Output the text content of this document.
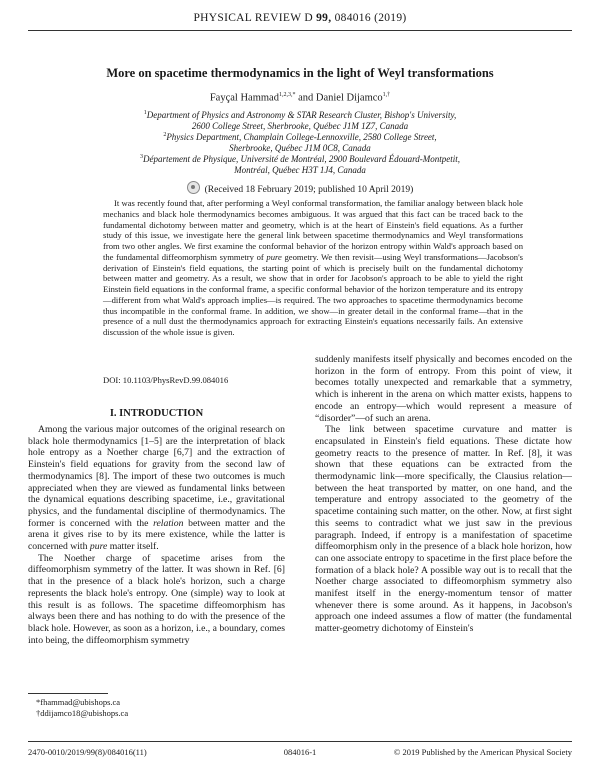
PHYSICAL REVIEW D 99, 084016 (2019)
More on spacetime thermodynamics in the light of Weyl transformations
Fayçal Hammad$^{1,2,3,*}$ and Daniel Dijamco$^{1,\dagger}$
$^1$Department of Physics and Astronomy & STAR Research Cluster, Bishop's University,
2600 College Street, Sherbrooke, Québec J1M 1Z7, Canada
$^2$Physics Department, Champlain College-Lennoxville, 2580 College Street,
Sherbrooke, Québec J1M 0C8, Canada
$^3$Département de Physique, Université de Montréal, 2900 Boulevard Édouard-Montpetit,
Montréal, Québec H3T 1J4, Canada
(Received 18 February 2019; published 10 April 2019)
It was recently found that, after performing a Weyl conformal transformation, the familiar analogy between black hole mechanics and black hole thermodynamics becomes ambiguous. It was argued that this fact can be traced back to the fundamental dichotomy between matter and geometry, which is at the heart of Einstein's field equations. As a further study of this issue, we investigate here the general link between spacetime thermodynamics and Weyl transformations from two other angles. We first examine the conformal behavior of the horizon entropy within Wald's approach based on the fundamental diffeomorphism symmetry of pure geometry. We then revisit—using Weyl transformations—Jacobson's derivation of Einstein's field equations, the starting point of which is precisely built on the fundamental dichotomy between matter and geometry. As a result, we show that in order for Jacobson's approach to be able to yield the right Einstein field equations in the conformal frame, a specific conformal behavior of the horizon temperature and its entropy—different from what Wald's approach implies—is required. The two approaches to spacetime thermodynamics become thus incompatible in the conformal frame. In addition, we show—in greater detail in the conformal frame—that in the presence of a null dust the thermodynamics approach for extracting Einstein's equations necessarily fails. An extensive discussion of the whole issue is given.
DOI: 10.1103/PhysRevD.99.084016
I. INTRODUCTION

Among the various major outcomes of the original research on black hole thermodynamics [1–5] are the interpretation of black hole entropy as a Noether charge [6,7] and the extraction of Einstein's field equations for gravity from the second law of thermodynamics [8]. The import of these two outcomes is much appreciated when they are viewed as fundamental links between the dynamical equations describing spacetime, i.e., gravitational physics, and the fundamental discipline of thermodynamics. The former is concerned with the relation between matter and the arena it gives rise to by its mere existence, while the latter is concerned with pure matter itself.

The Noether charge of spacetime arises from the diffeomorphism symmetry of the latter. It was shown in Ref. [6] that in the presence of a black hole's horizon, such a charge represents the black hole's entropy. One (simple) way to look at this result is as follows. The spacetime diffeomorphism has always been there and has nothing to do with the presence of the black hole. However, as soon as a horizon, i.e., a boundary, comes into being, the diffeomorphism symmetry

suddenly manifests itself physically and becomes encoded on the horizon in the form of entropy. From this point of view, it becomes totally unexpected and remarkable that a symmetry, which is inherent in the arena on which matter exists, happens to encode an entropy—which would represent a measure of “disorder”—of such an arena.

The link between spacetime curvature and matter is encapsulated in Einstein's field equations. These dictate how geometry reacts to the presence of matter. In Ref. [8], it was shown that these equations can be extracted from the thermodynamic link—more specifically, the Clausius relation—between the heat transported by matter, on one hand, and the temperature and entropy associated to the geometry of the spacetime containing such matter, on the other. Now, at first sight this seems to contradict what we just saw in the previous paragraph. Indeed, if entropy is a manifestation of spacetime diffeomorphism only in the presence of a black hole horizon, how can one associate entropy to spacetime in the first place before the formation of a black hole? A possible way out is to recall that the Noether charge associated to diffeomorphism symmetry also manifest itself in the energy-momentum tensor of matter whenever there is some around. As it happens, in Jacobson's approach one indeed assumes a flow of matter (the fundamental matter-geometry dichotomy of Einstein's

*fhammad@ubishops.ca
†ddijamco18@ubishops.ca
2470-0010/2019/99(8)/084016(11)	084016-1	© 2019 Published by the American Physical Society
